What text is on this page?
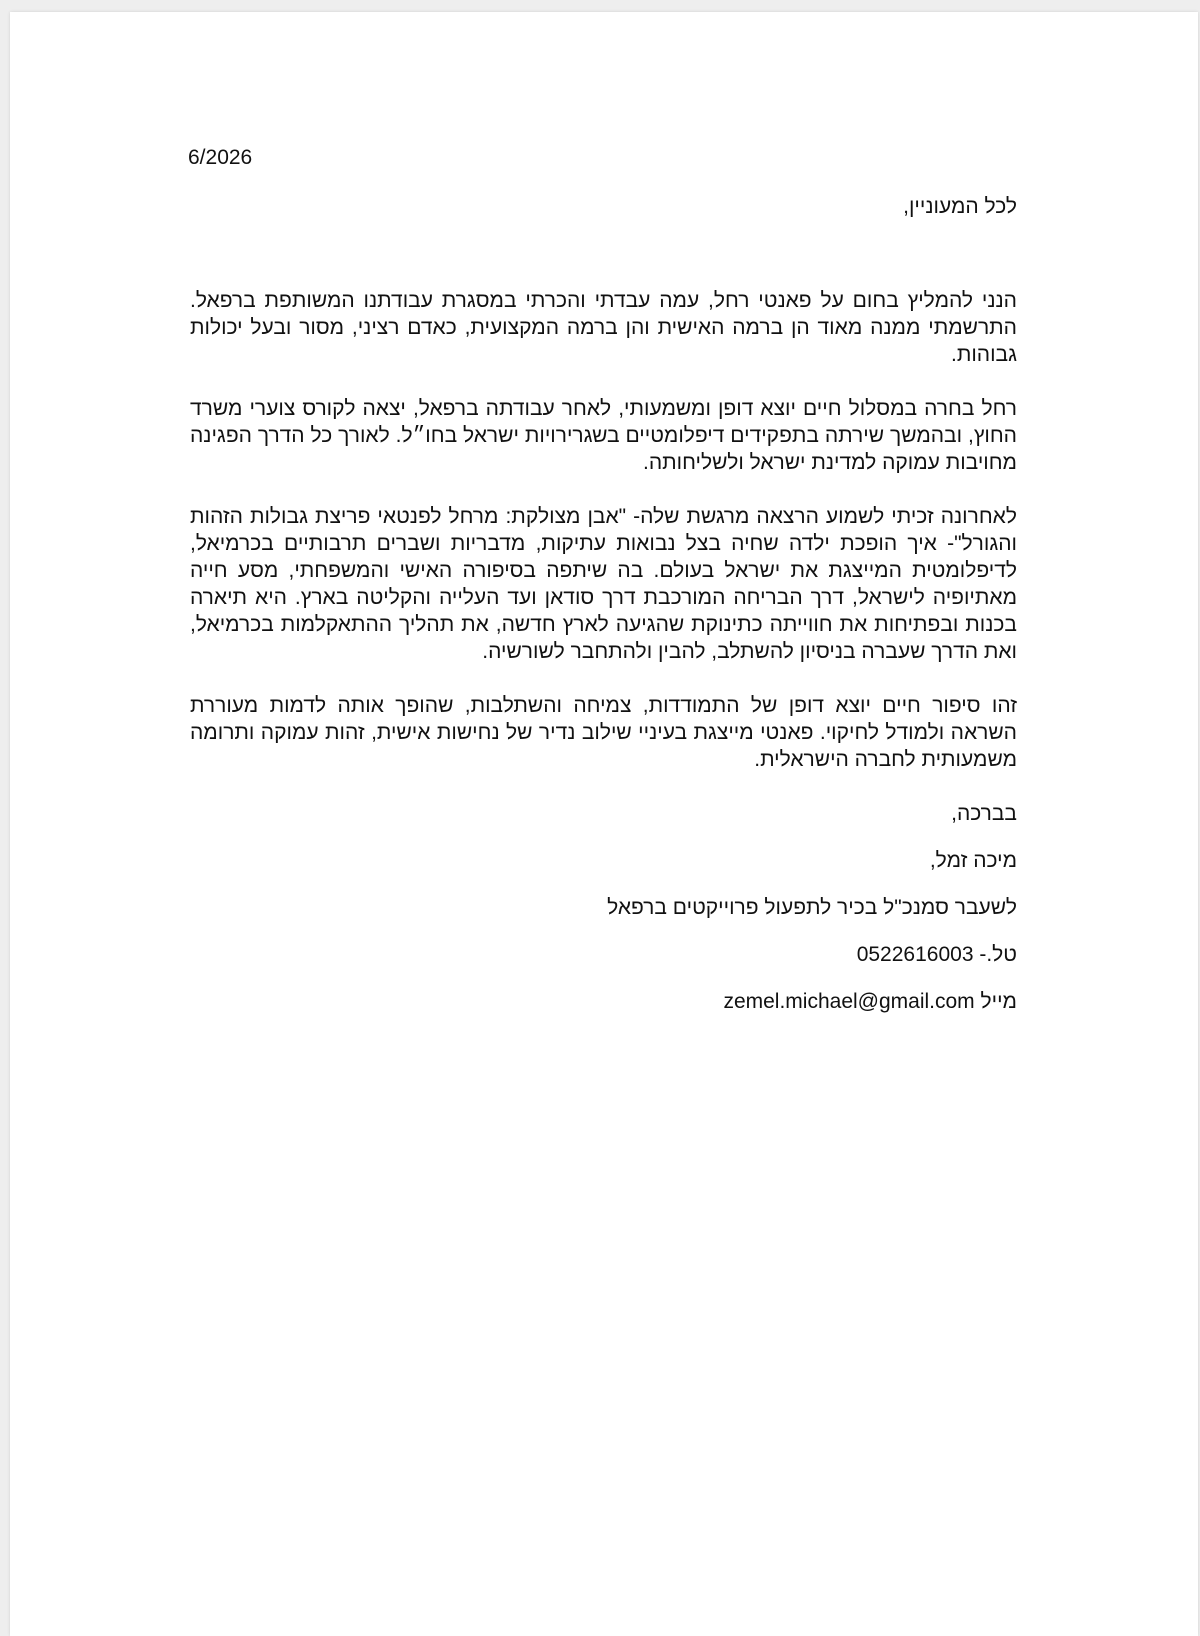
6/2026
לכל המעוניין,
הנני להמליץ בחום על פאנטי רחל, עמה עבדתי והכרתי במסגרת עבודתנו המשותפת ברפאל. התרשמתי ממנה מאוד הן ברמה האישית והן ברמה המקצועית, כאדם רציני, מסור ובעל יכולות גבוהות.
רחל בחרה במסלול חיים יוצא דופן ומשמעותי, לאחר עבודתה ברפאל, יצאה לקורס צוערי משרד החוץ, ובהמשך שירתה בתפקידים דיפלומטיים בשגרירויות ישראל בחו״ל. לאורך כל הדרך הפגינה מחויבות עמוקה למדינת ישראל ולשליחותה.
לאחרונה זכיתי לשמוע הרצאה מרגשת שלה- "אבן מצולקת: מרחל לפנטאי פריצת גבולות הזהות והגורל"- איך הופכת ילדה שחיה בצל נבואות עתיקות, מדבריות ושברים תרבותיים בכרמיאל, לדיפלומטית המייצגת את ישראל בעולם. בה שיתפה בסיפורה האישי והמשפחתי, מסע חייה מאתיופיה לישראל, דרך הבריחה המורכבת דרך סודאן ועד העלייה והקליטה בארץ. היא תיארה בכנות ובפתיחות את חווייתה כתינוקת שהגיעה לארץ חדשה, את תהליך ההתאקלמות בכרמיאל, ואת הדרך שעברה בניסיון להשתלב, להבין ולהתחבר לשורשיה.
זהו סיפור חיים יוצא דופן של התמודדות, צמיחה והשתלבות, שהופך אותה לדמות מעוררת השראה ולמודל לחיקוי. פאנטי מייצגת בעיניי שילוב נדיר של נחישות אישית, זהות עמוקה ותרומה משמעותית לחברה הישראלית.
בברכה,
מיכה זמל,
לשעבר סמנכ"ל בכיר לתפעול פרוייקטים ברפאל
טל.- 0522616003
מייל zemel.michael@gmail.com
